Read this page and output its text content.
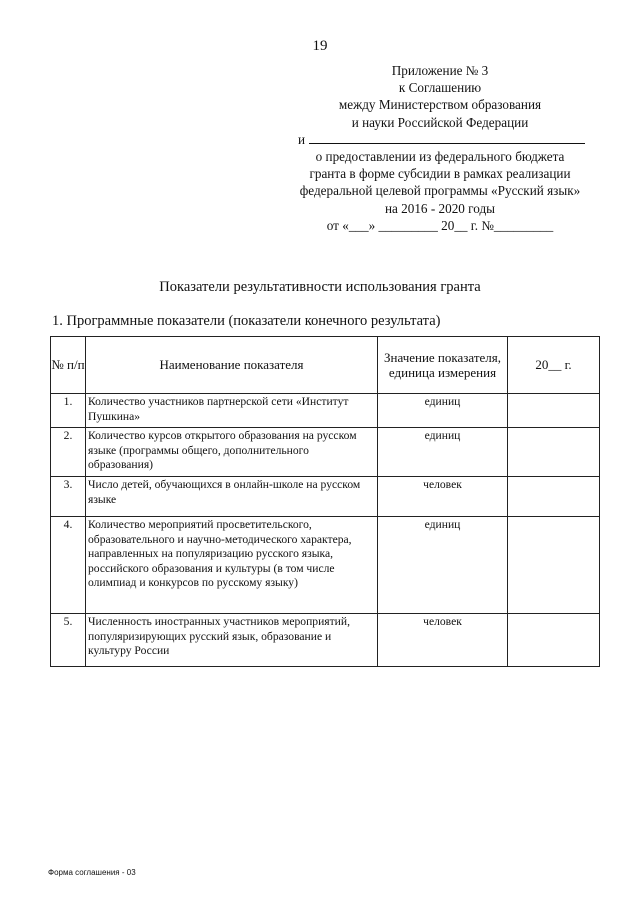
19
Приложение № 3
к Соглашению
между Министерством образования
и науки Российской Федерации
и
о предоставлении из федерального бюджета
гранта в форме субсидии в рамках реализации
федеральной целевой программы «Русский язык»
на 2016 - 2020 годы
от «___» _________ 20__ г. №_________
Показатели результативности использования гранта
1. Программные показатели (показатели конечного результата)
№ п/п	Наименование показателя	Значение показателя, единица измерения	20__ г.
1.	Количество участников партнерской сети «Институт Пушкина»	единиц	
2.	Количество курсов открытого образования на русском языке (программы общего, дополнительного образования)	единиц	
3.	Число детей, обучающихся в онлайн-школе на русском языке	человек	
4.	Количество мероприятий просветительского, образовательного и научно-методического характера, направленных на популяризацию русского языка, российского образования и культуры (в том числе олимпиад и конкурсов по русскому языку)	единиц	
5.	Численность иностранных участников мероприятий, популяризирующих русский язык, образование и культуру России	человек	
Форма соглашения - 03
